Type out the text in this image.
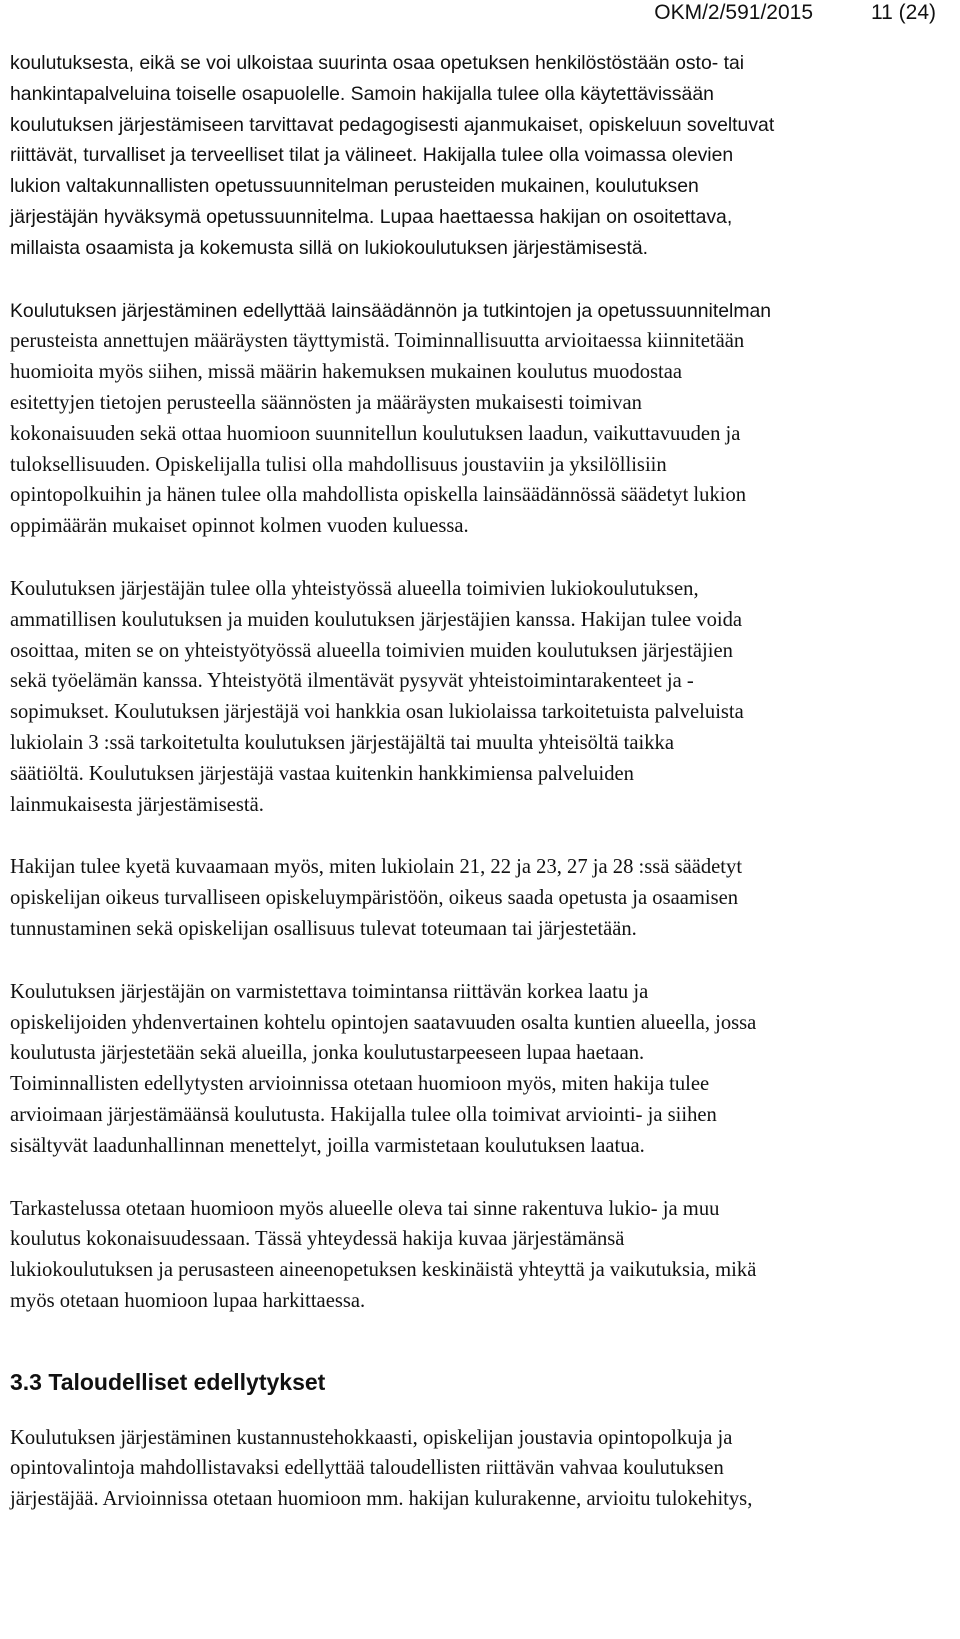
OKM/2/591/2015	11 (24)

koulutuksesta, eikä se voi ulkoistaa suurinta osaa opetuksen henkilöstöstään osto- tai
hankintapalveluina toiselle osapuolelle. Samoin hakijalla tulee olla käytettävissään
koulutuksen järjestämiseen tarvittavat pedagogisesti ajanmukaiset, opiskeluun soveltuvat
riittävät, turvalliset ja terveelliset tilat ja välineet. Hakijalla tulee olla voimassa olevien
lukion valtakunnallisten opetussuunnitelman perusteiden mukainen, koulutuksen
järjestäjän hyväksymä opetussuunnitelma. Lupaa haettaessa hakijan on osoitettava,
millaista osaamista ja kokemusta sillä on lukiokoulutuksen järjestämisestä.

Koulutuksen järjestäminen edellyttää lainsäädännön ja tutkintojen ja opetussuunnitelman
perusteista annettujen määräysten täyttymistä. Toiminnallisuutta arvioitaessa kiinnitetään
huomioita myös siihen, missä määrin hakemuksen mukainen koulutus muodostaa
esitettyjen tietojen perusteella säännösten ja määräysten mukaisesti toimivan
kokonaisuuden sekä ottaa huomioon suunnitellun koulutuksen laadun, vaikuttavuuden ja
tuloksellisuuden. Opiskelijalla tulisi olla mahdollisuus joustaviin ja yksilöllisiin
opintopolkuihin ja hänen tulee olla mahdollista opiskella lainsäädännössä säädetyt lukion
oppimäärän mukaiset opinnot kolmen vuoden kuluessa.

Koulutuksen järjestäjän tulee olla yhteistyössä alueella toimivien lukiokoulutuksen,
ammatillisen koulutuksen ja muiden koulutuksen järjestäjien kanssa. Hakijan tulee voida
osoittaa, miten se on yhteistyötyössä alueella toimivien muiden koulutuksen järjestäjien
sekä työelämän kanssa. Yhteistyötä ilmentävät pysyvät yhteistoimintarakenteet ja -
sopimukset. Koulutuksen järjestäjä voi hankkia osan lukiolaissa tarkoitetuista palveluista
lukiolain 3 :ssä tarkoitetulta koulutuksen järjestäjältä tai muulta yhteisöltä taikka
säätiöltä. Koulutuksen järjestäjä vastaa kuitenkin hankkimiensa palveluiden
lainmukaisesta järjestämisestä.

Hakijan tulee kyetä kuvaamaan myös, miten lukiolain 21, 22 ja 23, 27 ja 28 :ssä säädetyt
opiskelijan oikeus turvalliseen opiskeluympäristöön, oikeus saada opetusta ja osaamisen
tunnustaminen sekä opiskelijan osallisuus tulevat toteumaan tai järjestetään.

Koulutuksen järjestäjän on varmistettava toimintansa riittävän korkea laatu ja
opiskelijoiden yhdenvertainen kohtelu opintojen saatavuuden osalta kuntien alueella, jossa
koulutusta järjestetään sekä alueilla, jonka koulutustarpeeseen lupaa haetaan.
Toiminnallisten edellytysten arvioinnissa otetaan huomioon myös, miten hakija tulee
arvioimaan järjestämäänsä koulutusta. Hakijalla tulee olla toimivat arviointi- ja siihen
sisältyvät laadunhallinnan menettelyt, joilla varmistetaan koulutuksen laatua.

Tarkastelussa otetaan huomioon myös alueelle oleva tai sinne rakentuva lukio- ja muu
koulutus kokonaisuudessaan. Tässä yhteydessä hakija kuvaa järjestämänsä
lukiokoulutuksen ja perusasteen aineenopetuksen keskinäistä yhteyttä ja vaikutuksia, mikä
myös otetaan huomioon lupaa harkittaessa.

3.3 Taloudelliset edellytykset

Koulutuksen järjestäminen kustannustehokkaasti, opiskelijan joustavia opintopolkuja ja
opintovalintoja mahdollistavaksi edellyttää taloudellisten riittävän vahvaa koulutuksen
järjestäjää. Arvioinnissa otetaan huomioon mm. hakijan kulurakenne, arvioitu tulokehitys,
